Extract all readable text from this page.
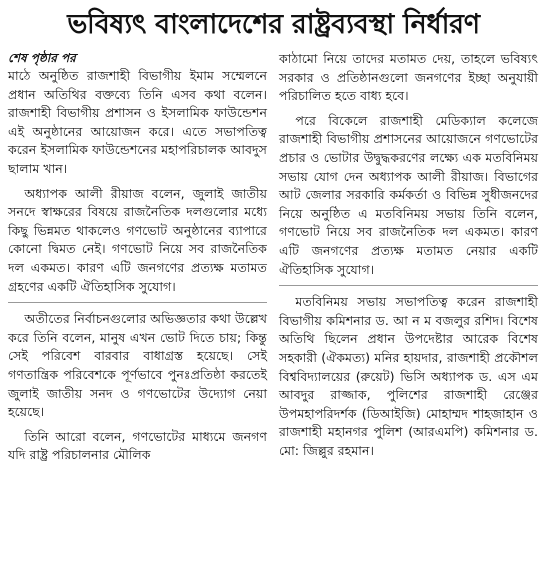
ভবিষ্যৎ বাংলাদেশের রাষ্ট্রব্যবস্থা নির্ধারণ
শেষ পৃষ্ঠার পর

মাঠে অনুষ্ঠিত রাজশাহী বিভাগীয় ইমাম সম্মেলনে প্রধান অতিথির বক্তব্যে তিনি এসব কথা বলেন। রাজশাহী বিভাগীয় প্রশাসন ও ইসলামিক ফাউন্ডেশন এই অনুষ্ঠানের আয়োজন করে। এতে সভাপতিত্ব করেন ইসলামিক ফাউন্ডেশনের মহাপরিচালক আবদুস ছালাম খান।

অধ্যাপক আলী রীয়াজ বলেন, জুলাই জাতীয় সনদে স্বাক্ষরের বিষয়ে রাজনৈতিক দলগুলোর মধ্যে কিছু ভিন্নমত থাকলেও গণভোট অনুষ্ঠানের ব্যাপারে কোনো দ্বিমত নেই। গণভোট নিয়ে সব রাজনৈতিক দল একমত। কারণ এটি জনগণের প্রত্যক্ষ মতামত গ্রহণের একটি ঐতিহাসিক সুযোগ।

অতীতের নির্বাচনগুলোর অভিজ্ঞতার কথা উল্লেখ করে তিনি বলেন, মানুষ এখন ভোট দিতে চায়; কিন্তু সেই পরিবেশ বারবার বাধাগ্রস্ত হয়েছে। সেই গণতান্ত্রিক পরিবেশকে পূর্ণভাবে পুনঃপ্রতিষ্ঠা করতেই জুলাই জাতীয় সনদ ও গণভোটের উদ্যোগ নেয়া হয়েছে।

তিনি আরো বলেন, গণভোটের মাধ্যমে জনগণ যদি রাষ্ট্র পরিচালনার মৌলিক

কাঠামো নিয়ে তাদের মতামত দেয়, তাহলে ভবিষ্যৎ সরকার ও প্রতিষ্ঠানগুলো জনগণের ইচ্ছা অনুযায়ী পরিচালিত হতে বাধ্য হবে।

পরে বিকেলে রাজশাহী মেডিক্যাল কলেজে রাজশাহী বিভাগীয় প্রশাসনের আয়োজনে গণভোটের প্রচার ও ভোটার উদ্বুদ্ধকরণের লক্ষ্যে এক মতবিনিময় সভায় যোগ দেন অধ্যাপক আলী রীয়াজ। বিভাগের আট জেলার সরকারি কর্মকর্তা ও বিভিন্ন সুধীজনদের নিয়ে অনুষ্ঠিত এ মতবিনিময় সভায় তিনি বলেন, গণভোট নিয়ে সব রাজনৈতিক দল একমত। কারণ এটি জনগণের প্রত্যক্ষ মতামত নেয়ার একটি ঐতিহাসিক সুযোগ।

মতবিনিময় সভায় সভাপতিত্ব করেন রাজশাহী বিভাগীয় কমিশনার ড. আ ন ম বজলুর রশিদ। বিশেষ অতিথি ছিলেন প্রধান উপদেষ্টার আরেক বিশেষ সহকারী (ঐকমত্য) মনির হায়দার, রাজশাহী প্রকৌশল বিশ্ববিদ্যালয়ের (রুয়েট) ভিসি অধ্যাপক ড. এস এম আবদুর রাজ্জাক, পুলিশের রাজশাহী রেঞ্জের উপমহাপরিদর্শক (ডিআইজি) মোহাম্মদ শাহজাহান ও রাজশাহী মহানগর পুলিশ (আরএমপি) কমিশনার ড. মো: জিল্লুর রহমান।
